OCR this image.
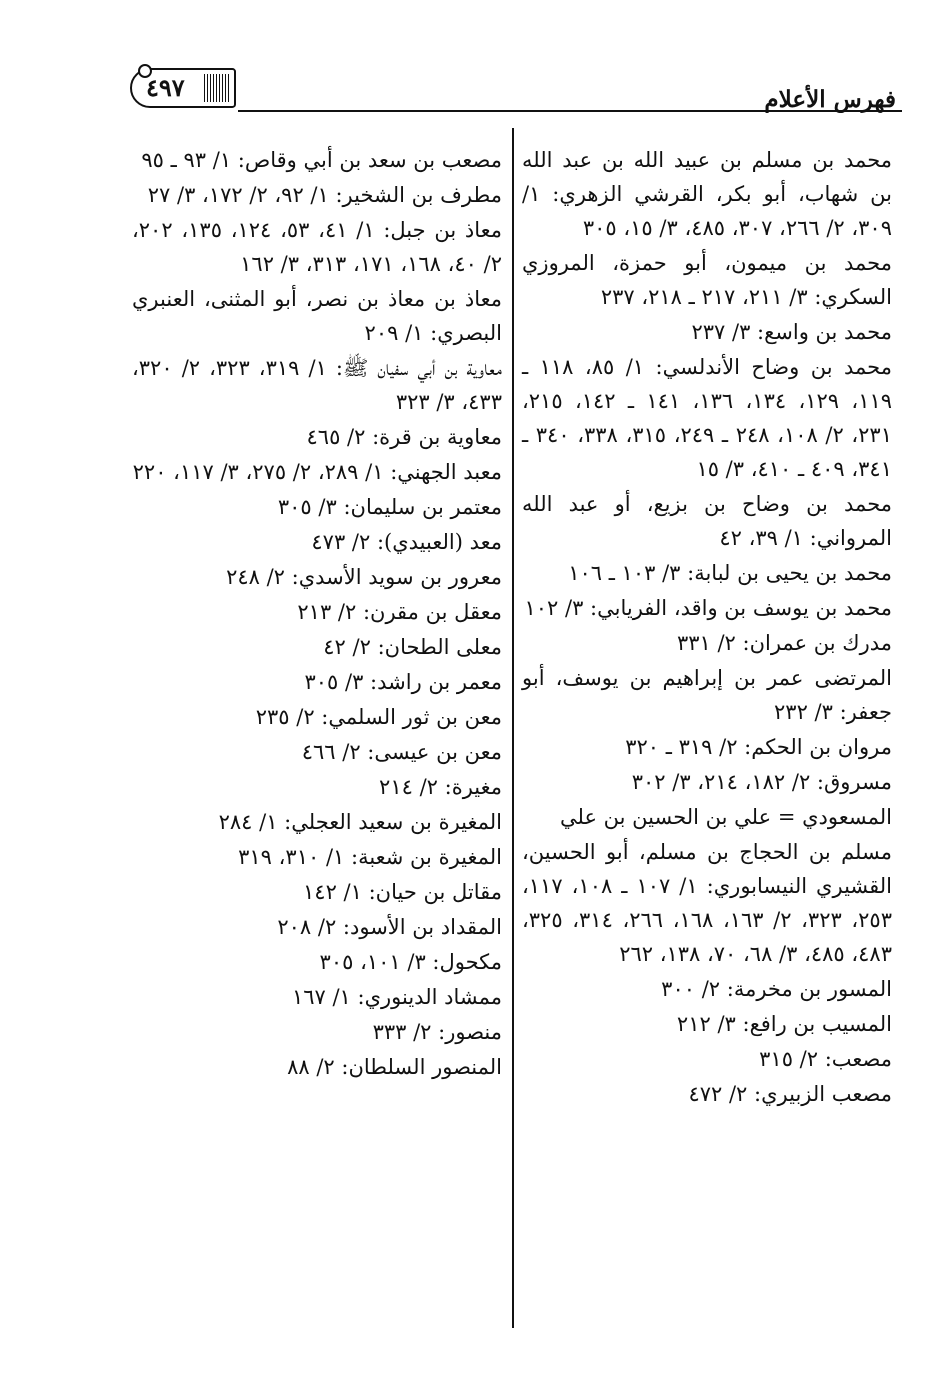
فهرس الأعلام
٤٩٧

محمد بن مسلم بن عبيد الله بن عبد الله بن شهاب، أبو بكر، القرشي الزهري: ١/ ٣٠٩، ٢/ ٢٦٦، ٣٠٧، ٤٨٥، ٣/ ١٥، ٣٠٥

محمد بن ميمون، أبو حمزة، المروزي السكري: ٣/ ٢١١، ٢١٧ ـ ٢١٨، ٢٣٧

محمد بن واسع: ٣/ ٢٣٧

محمد بن وضاح الأندلسي: ١/ ٨٥، ١١٨ ـ ١١٩، ١٢٩، ١٣٤، ١٣٦، ١٤١ ـ ١٤٢، ٢١٥، ٢٣١، ٢/ ١٠٨، ٢٤٨ ـ ٢٤٩، ٣١٥، ٣٣٨، ٣٤٠ ـ ٣٤١، ٤٠٩ ـ ٤١٠، ٣/ ١٥

محمد بن وضاح بن بزيع، أو عبد الله المرواني: ١/ ٣٩، ٤٢

محمد بن يحيى بن لبابة: ٣/ ١٠٣ ـ ١٠٦

محمد بن يوسف بن واقد، الفريابي: ٣/ ١٠٢

مدرك بن عمران: ٢/ ٣٣١

المرتضى عمر بن إبراهيم بن يوسف، أبو جعفر: ٣/ ٢٣٢

مروان بن الحكم: ٢/ ٣١٩ ـ ٣٢٠

مسروق: ٢/ ١٨٢، ٢١٤، ٣/ ٣٠٢

المسعودي = علي بن الحسين بن علي

مسلم بن الحجاج بن مسلم، أبو الحسين، القشيري النيسابوري: ١/ ١٠٧ ـ ١٠٨، ١١٧، ٢٥٣، ٣٢٣، ٢/ ١٦٣، ١٦٨، ٢٦٦، ٣١٤، ٣٢٥، ٤٨٣، ٤٨٥، ٣/ ٦٨، ٧٠، ١٣٨، ٢٦٢

المسور بن مخرمة: ٢/ ٣٠٠

المسيب بن رافع: ٣/ ٢١٢

مصعب: ٢/ ٣١٥

مصعب الزبيري: ٢/ ٤٧٢

مصعب بن سعد بن أبي وقاص: ١/ ٩٣ ـ ٩٥

مطرف بن الشخير: ١/ ٩٢، ٢/ ١٧٢، ٣/ ٢٧

معاذ بن جبل: ١/ ٤١، ٥٣، ١٢٤، ١٣٥، ٢٠٢، ٢/ ٤٠، ١٦٨، ١٧١، ٣١٣، ٣/ ١٦٢

معاذ بن معاذ بن نصر، أبو المثنى، العنبري البصري: ١/ ٢٠٩

معاوية بن أبي سفيان ﷺ: ١/ ٣١٩، ٣٢٣، ٢/ ٣٢٠، ٤٣٣، ٣/ ٣٢٣

معاوية بن قرة: ٢/ ٤٦٥

معبد الجهني: ١/ ٢٨٩، ٢/ ٢٧٥، ٣/ ١١٧، ٢٢٠

معتمر بن سليمان: ٣/ ٣٠٥

معد (العبيدي): ٢/ ٤٧٣

معرور بن سويد الأسدي: ٢/ ٢٤٨

معقل بن مقرن: ٢/ ٢١٣

معلى الطحان: ٢/ ٤٢

معمر بن راشد: ٣/ ٣٠٥

معن بن ثور السلمي: ٢/ ٢٣٥

معن بن عيسى: ٢/ ٤٦٦

مغيرة: ٢/ ٢١٤

المغيرة بن سعيد العجلي: ١/ ٢٨٤

المغيرة بن شعبة: ١/ ٣١٠، ٣١٩

مقاتل بن حيان: ١/ ١٤٢

المقداد بن الأسود: ٢/ ٢٠٨

مكحول: ٣/ ١٠١، ٣٠٥

ممشاد الدينوري: ١/ ١٦٧

منصور: ٢/ ٣٣٣

المنصور السلطان: ٢/ ٨٨
